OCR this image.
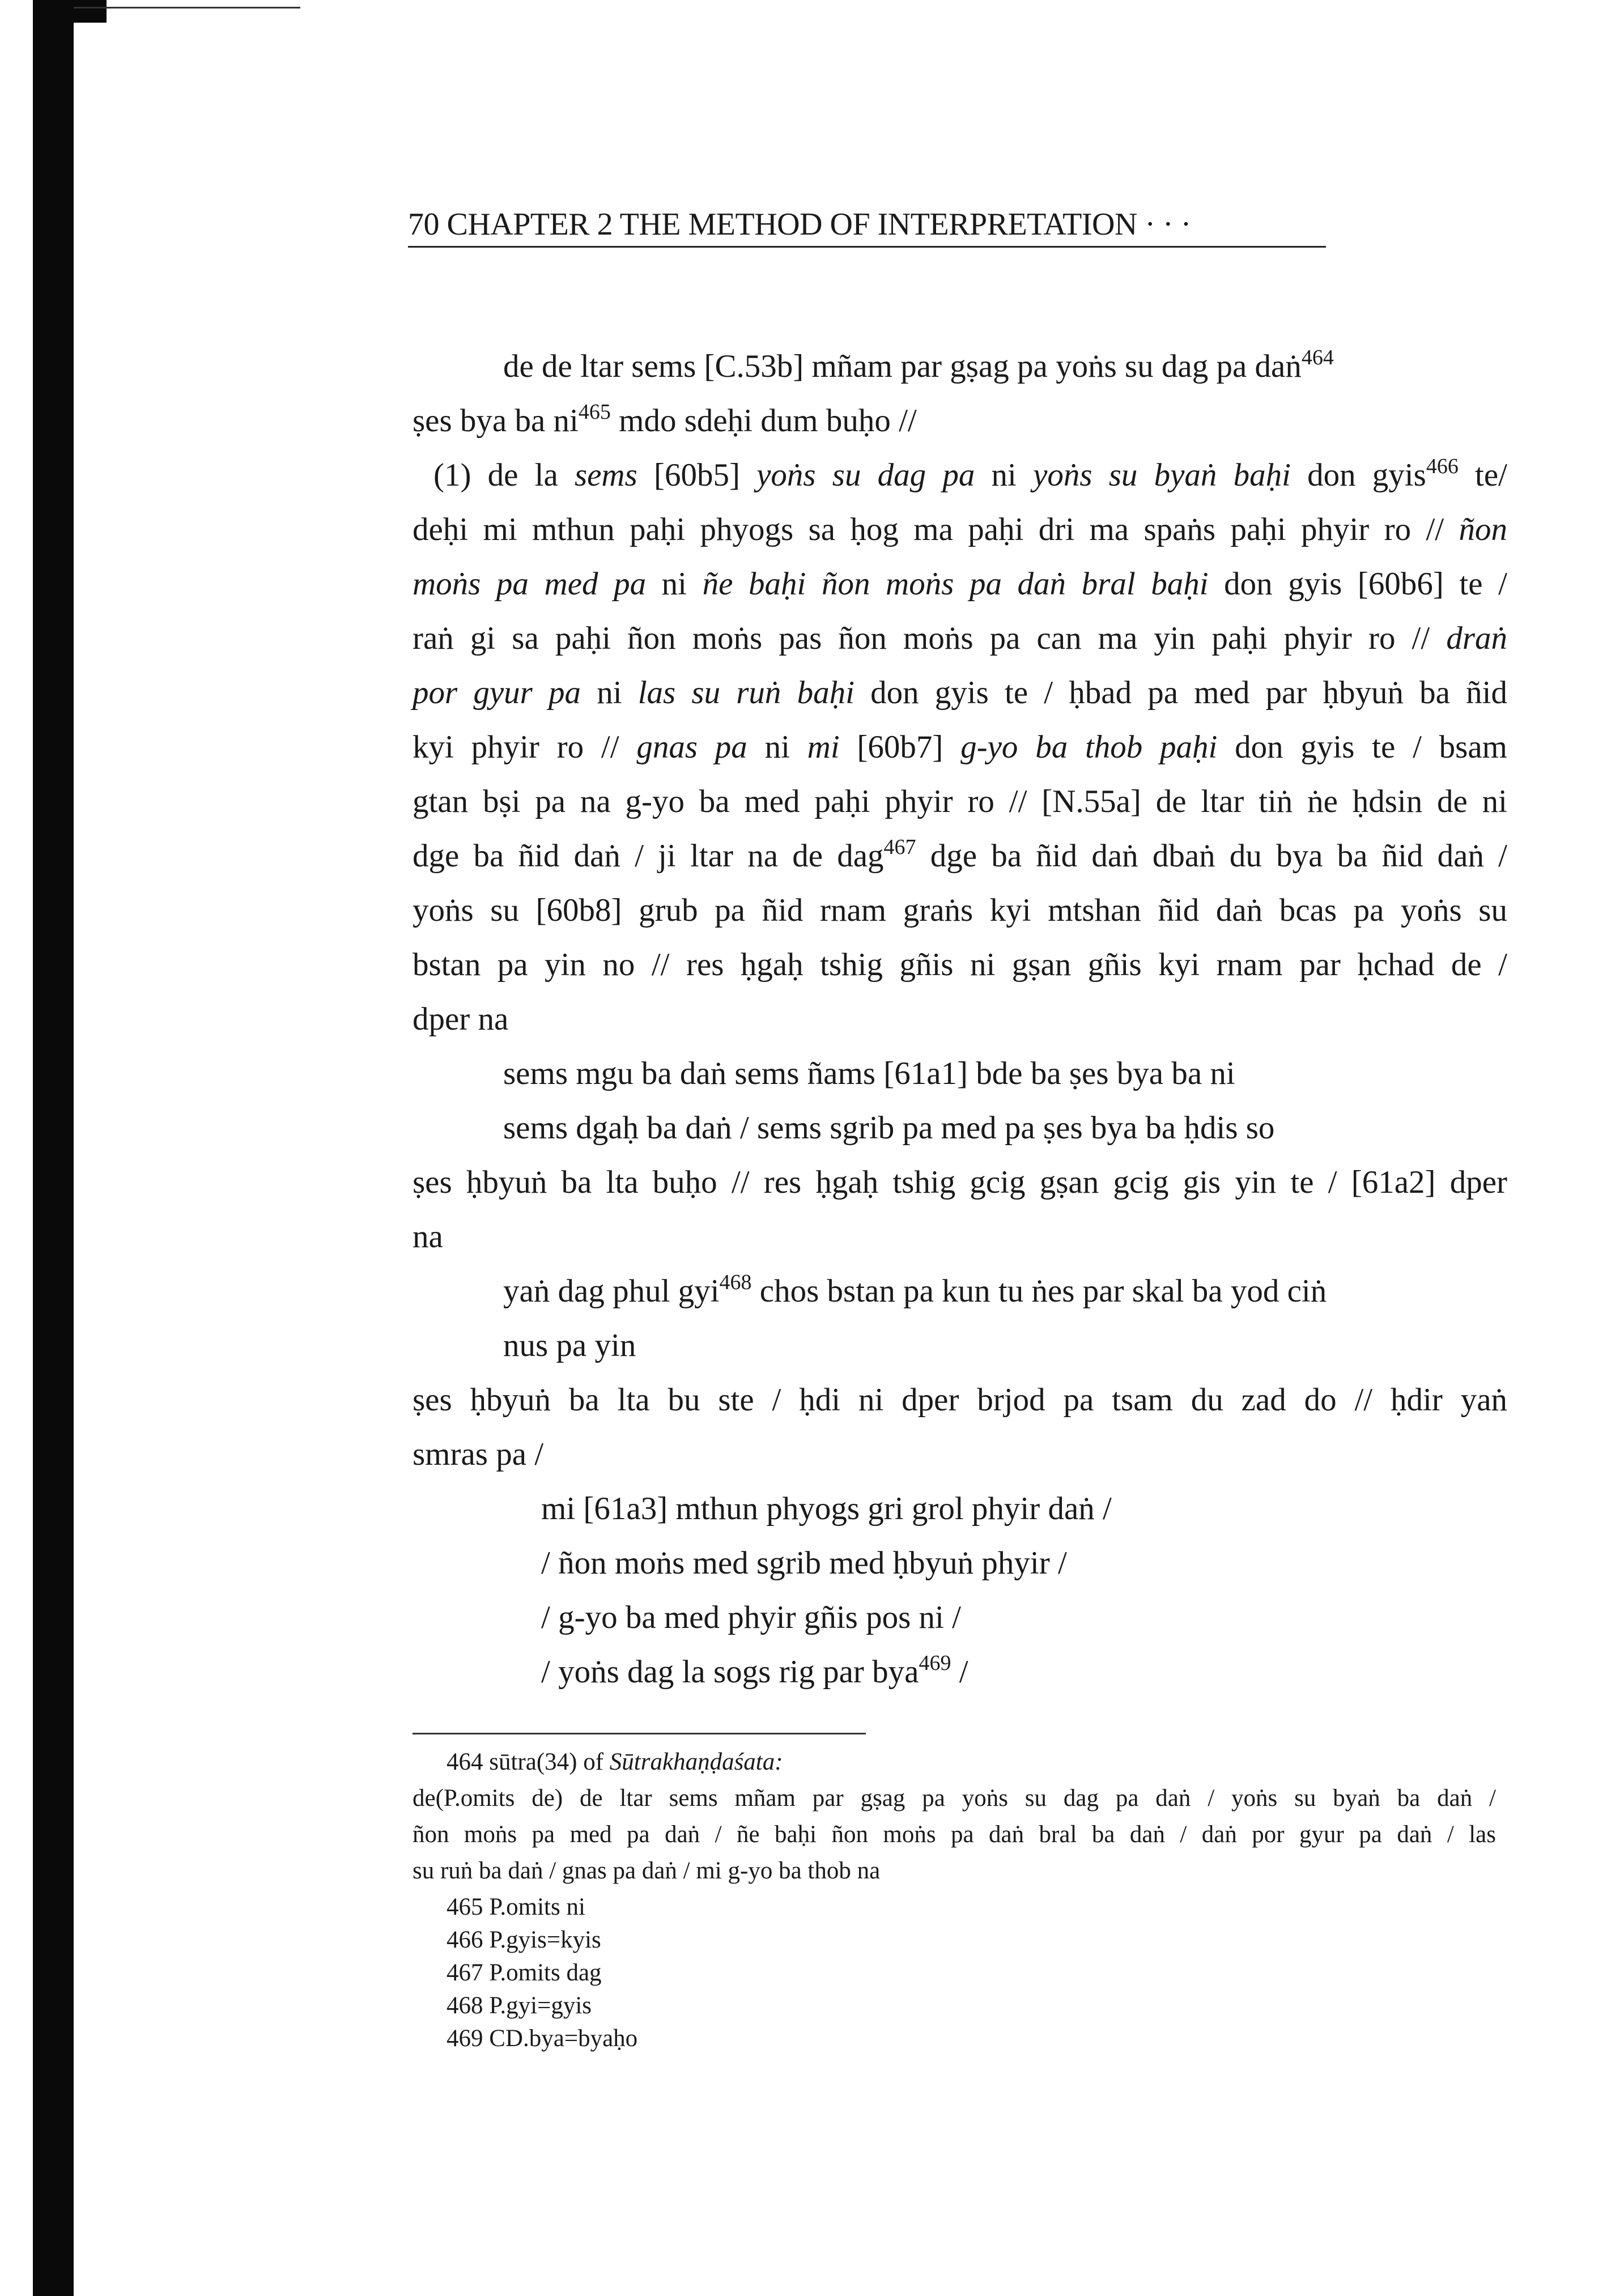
70 CHAPTER 2 THE METHOD OF INTERPRETATION · · ·
de de ltar sems [C.53b] mñam par gṣag pa yoṅs su dag pa daṅ$^{464}$
ṣes bya ba $ni^{465}$ mdo sdeḥi dum buḥo //
(1) de la sems [60b5] yoṅs su dag pa ni yoṅs su byaṅ baḥi don gyis$^{466}$ te/
deḥi mi mthun paḥi phyogs sa ḥog ma paḥi dri ma spaṅs paḥi phyir ro // ñon
moṅs pa med pa ni ñe baḥi ñon moṅs pa daṅ bral baḥi don gyis [60b6] te /
raṅ gi sa paḥi ñon moṅs pas ñon moṅs pa can ma yin paḥi phyir ro // draṅ
por gyur pa ni las su ruṅ baḥi don gyis te / ḥbad pa med par ḥbyuṅ ba ñid
kyi phyir ro // gnas pa ni mi [60b7] g-yo ba thob paḥi don gyis te / bsam
gtan bṣi pa na g-yo ba med paḥi phyir ro // [N.55a] de ltar tiṅ ṅe ḥdsin de ni
dge ba ñid daṅ / ji ltar na de dag$^{467}$ dge ba ñid daṅ dbaṅ du bya ba ñid daṅ /
yoṅs su [60b8] grub pa ñid rnam graṅs kyi mtshan ñid daṅ bcas pa yoṅs su
bstan pa yin no // res ḥgaḥ tshig gñis ni gṣan gñis kyi rnam par ḥchad de /
dper na
sems mgu ba daṅ sems ñams [61a1] bde ba ṣes bya ba ni
sems dgaḥ ba daṅ / sems sgrib pa med pa ṣes bya ba ḥdis so
ṣes ḥbyuṅ ba lta buḥo // res ḥgaḥ tshig gcig gṣan gcig gis yin te / [61a2] dper
na
yaṅ dag phul gyi$^{468}$ chos bstan pa kun tu ṅes par skal ba yod ciṅ
nus pa yin
ṣes ḥbyuṅ ba lta bu ste / ḥdi ni dper brjod pa tsam du zad do // ḥdir yaṅ
smras pa /
mi [61a3] mthun phyogs gri grol phyir daṅ /
/ ñon moṅs med sgrib med ḥbyuṅ phyir /
/ g-yo ba med phyir gñis pos ni /
/ yoṅs dag la sogs rig par bya$^{469}$ /
464 sūtra(34) of Sūtrakhaṇḍaśata:
de(P.omits de) de ltar sems mñam par gṣag pa yoṅs su dag pa daṅ / yoṅs su byaṅ ba daṅ /
ñon moṅs pa med pa daṅ / ñe baḥi ñon moṅs pa daṅ bral ba daṅ / daṅ por gyur pa daṅ / las
su ruṅ ba daṅ / gnas pa daṅ / mi g-yo ba thob na
465 P.omits ni
466 P.gyis=kyis
467 P.omits dag
468 P.gyi=gyis
469 CD.bya=byaḥo
